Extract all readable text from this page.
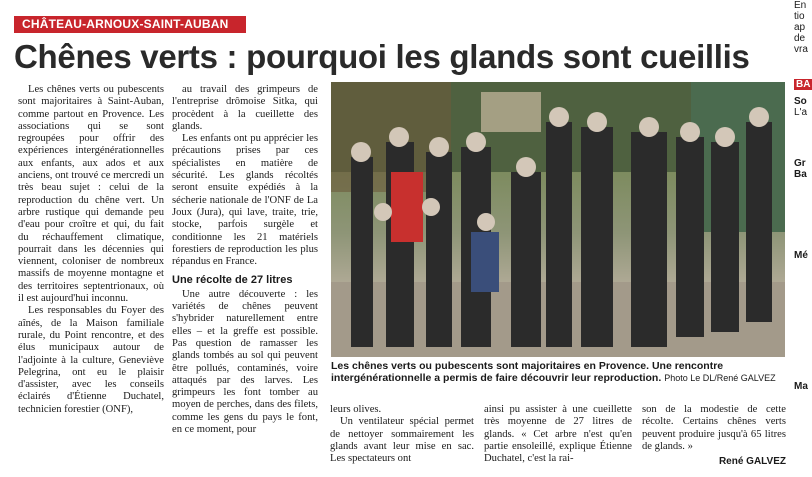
CHÂTEAU-ARNOUX-SAINT-AUBAN
Chênes verts : pourquoi les glands sont cueillis

Les chênes verts ou pubescents sont majoritaires à Saint-Auban, comme partout en Provence. Les associations qui se sont regroupées pour offrir des expériences intergénérationnelles aux enfants, aux ados et aux anciens, ont trouvé ce mercredi un très beau sujet : celui de la reproduction du chêne vert. Un arbre rustique qui demande peu d'eau pour croître et qui, du fait du réchauffement climatique, pourrait dans les décennies qui viennent, coloniser de nombreux massifs de moyenne montagne et des territoires septentrionaux, où il est aujourd'hui inconnu.

Les responsables du Foyer des aînés, de la Maison familiale rurale, du Point rencontre, et des élus municipaux autour de l'adjointe à la culture, Geneviève Pelegrina, ont eu le plaisir d'assister, avec les conseils éclairés d'Étienne Duchatel, technicien forestier (ONF),

au travail des grimpeurs de l'entreprise drômoise Sitka, qui procèdent à la cueillette des glands.

Les enfants ont pu apprécier les précautions prises par ces spécialistes en matière de sécurité. Les glands récoltés seront ensuite expédiés à la sécherie nationale de l'ONF de La Joux (Jura), qui lave, traite, trie, stocke, parfois surgèle et conditionne les 21 matériels forestiers de reproduction les plus répandus en France.

Une récolte de 27 litres

Une autre découverte : les variétés de chênes peuvent s'hybrider naturellement entre elles – et la greffe est possible. Pas question de ramasser les glands tombés au sol qui peuvent être pollués, contaminés, voire attaqués par des larves. Les grimpeurs les font tomber au moyen de perches, dans des filets, comme les gens du pays le font, en ce moment, pour

Les chênes verts ou pubescents sont majoritaires en Provence. Une rencontre intergénérationnelle a permis de faire découvrir leur reproduction. Photo Le DL/René GALVEZ

leurs olives.

Un ventilateur spécial permet de nettoyer sommairement les glands avant leur mise en sac. Les spectateurs ont

ainsi pu assister à une cueillette très moyenne de 27 litres de glands. « Cet arbre n'est qu'en partie ensoleillé, explique Étienne Duchatel, c'est la rai-

son de la modestie de cette récolte. Certains chênes verts peuvent produire jusqu'à 65 litres de glands. »

René GALVEZ
En
tio
ap
de
vra
BA
So
L'a
Gr
Ba
Mé
Ma
